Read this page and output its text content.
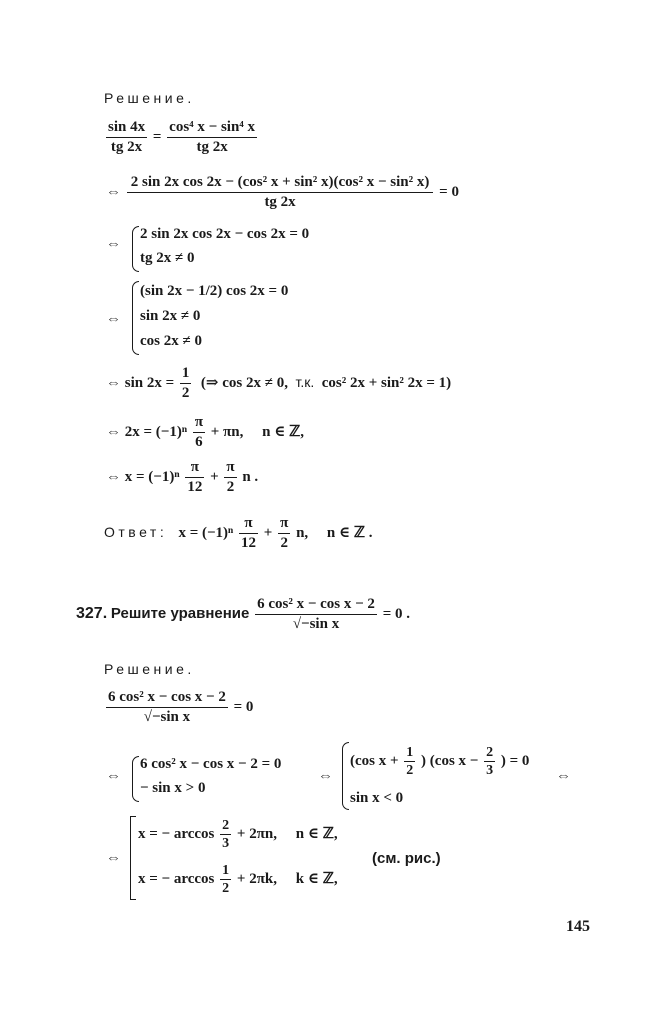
Решение.
$\frac{\sin 4x}{tg 2x} = \frac{\text{cos⁴ x − sin⁴ x}}{tg 2x}$
⇔ $\frac{\text{2 sin 2x cos 2x − (cos² x + sin² x)(cos² x − sin² x)}}{tg 2x} = 0$
⇔
2 sin 2x cos 2x − cos 2x = 0
tg 2x ≠ 0
⇔
(sin 2x − 1/2) cos 2x = 0
sin 2x ≠ 0
cos 2x ≠ 0
⇔ $\sin 2x = \frac{1}{2}$ (⇒ cos 2x ≠ 0, т.к. cos² 2x + sin² 2x = 1)
⇔ $2x = (-1)^n \frac{\pi}{6} + \pi n$, n ∈ ℤ,
⇔ $x = (-1)^n \frac{\pi}{12} + \frac{\pi}{2}$ n .
Ответ: $x = (-1)^n \frac{\pi}{12} + \frac{\pi}{2} n$, n ∈ ℤ .
327. Решите уравнение $\frac{\text{6 cos² x − cos x − 2}}{\text{√−sin x}} = 0$ .
Решение.
$\frac{\text{6 cos² x − cos x − 2}}{\text{√−sin x}} = 0$
⇔
6 cos² x − cos x − 2 = 0
− sin x > 0
⇔
(cos $x + \frac{1}{2}$ ) (cos $x - \frac{2}{3}$ ) = 0
sin x < 0
⇔
⇔
x = − $\arccos \frac{2}{3} + 2\pi n$, n ∈ ℤ,
x = − $\arccos \frac{1}{2} + 2\pi k$, k ∈ ℤ,
(см. рис.)
145
